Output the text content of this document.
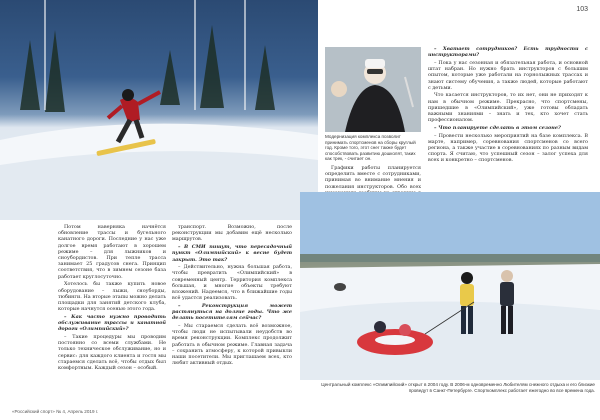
103
Модернизация комплекса позволит принимать спортсменов на сборы круглый год. Кроме того, этот снег также будет способствовать развитию дошколят, таких как трек, - считает он.

– Хватает сотрудников? Есть трудности с инструкторами?

– Пока у нас сезонная и обязательная работа, и основной штат набран. Но нужно брать инструкторов с большим опытом, которые уже работали на горнолыжных трассах и знают систему обучения, а также людей, которые работают с детьми.

Что касается инструкторов, то их нет, они не приходят к нам в обычном режиме. Прекрасно, что спортсмены, пришедшие в «Олимпийский», уже готовы обладать важными знаниями – знать и тех, кто хочет стать профессионалом.

– Что планируете сделать в этом сезоне?

– Провести несколько мероприятий на базе комплекса. В марте, например, соревнования спортсменов со всего региона, а также участие в соревнованиях по разным видам спорта. Я считаю, что успешный сезон – залог успеха для всех и конкретно – спортсменов.

Графики работы планируется определить вместе с сотрудниками, принимая во внимание мнения и пожелания инструкторов. Обо всех

Потом наверняка начнётся обновление трассы и бугельного канатного дороги. Последние у нас уже долгое время работают в хорошем режиме – для лыжников и сноубордистов. При тепле трасса занимает 25 градусов снега. Принцип соответствия, что в зимнем сезоне база работает круглосуточно.

Хотелось бы также купить новое оборудование – лыжи, сноуборды, тюбинги. На вторые этапы можно делать площадки для занятий детского клуба, которые начнутся осенью этого года.

– Как часто нужно проводить обслуживание трассы и канатной дороги «Олимпийский»?

– Такие процедуры мы проводим постоянно со всеми службами. Не только техническое обслуживание, но и сервис: для каждого клиента и гостя мы стараемся сделать всё, чтобы отдых был комфортным. Каждый сезон – особый.

транспорт. Возможно, после реконструкции мы добавим ещё несколько маршрутов.

– В СМИ пишут, что пересадочный пункт «Олимпийский» к весне будет закрыт. Это так?

– Действительно, нужна большая работа, чтобы превратить «Олимпийский» в современный центр. Территория комплекса большая, и многие объекты требуют вложений. Надеемся, что в ближайшие годы всё удастся реализовать.

– Реконструкция может растянуться на долгие годы. Что же делать посетителям сейчас?

– Мы стараемся сделать всё возможное, чтобы люди не испытывали неудобств во время реконструкции. Комплекс продолжит работать в обычном режиме. Главная задача – сохранить атмосферу, к которой привыкли наши посетители. Мы приглашаем всех, кто любит активный отдых.

Центральный комплекс «Олимпийский» открыт в 2004 году. В 2006-м одновременно Любителям снежного отдыха и его близкие проведут в Санкт-Петербурге. Спорткомплекс работает ежегодно во все времена года.
«Российский спорт» № 4, Апрель 2019 г.
